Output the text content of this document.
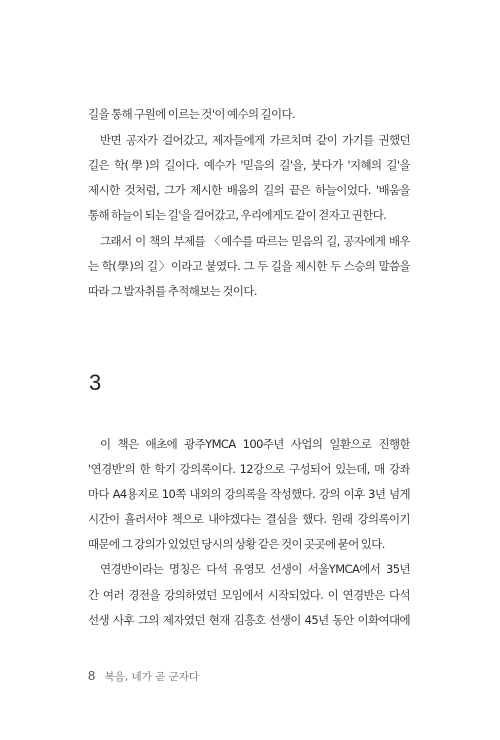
길을 통해 구원에 이르는 것'이 예수의 길이다.
반면 공자가 걸어갔고, 제자들에게 가르치며 같이 가기를 권했던
길은 학(學)의 길이다. 예수가 '믿음의 길'을, 붓다가 '지혜의 길'을
제시한 것처럼, 그가 제시한 배움의 길의 끝은 하늘이었다. '배움을
통해 하늘이 되는 길'을 걸어갔고, 우리에게도 같이 걷자고 권한다.
그래서 이 책의 부제를 〈예수를 따르는 믿음의 길, 공자에게 배우
는 학(學)의 길〉이라고 붙였다. 그 두 길을 제시한 두 스승의 말씀을
따라 그 발자취를 추적해보는 것이다.
3
이 책은 애초에 광주YMCA 100주년 사업의 일환으로 진행한
'연경반'의 한 학기 강의록이다. 12강으로 구성되어 있는데, 매 강좌
마다 A4용지로 10쪽 내외의 강의록을 작성했다. 강의 이후 3년 넘게
시간이 흘러서야 책으로 내야겠다는 결심을 했다. 원래 강의록이기
때문에 그 강의가 있었던 당시의 상황 같은 것이 곳곳에 묻어 있다.
연경반이라는 명칭은 다석 유영모 선생이 서울YMCA에서 35년
간 여러 경전을 강의하였던 모임에서 시작되었다. 이 연경반은 다석
선생 사후 그의 제자였던 현재 김흥호 선생이 45년 동안 이화여대에
8 복음, 네가 곧 군자다
